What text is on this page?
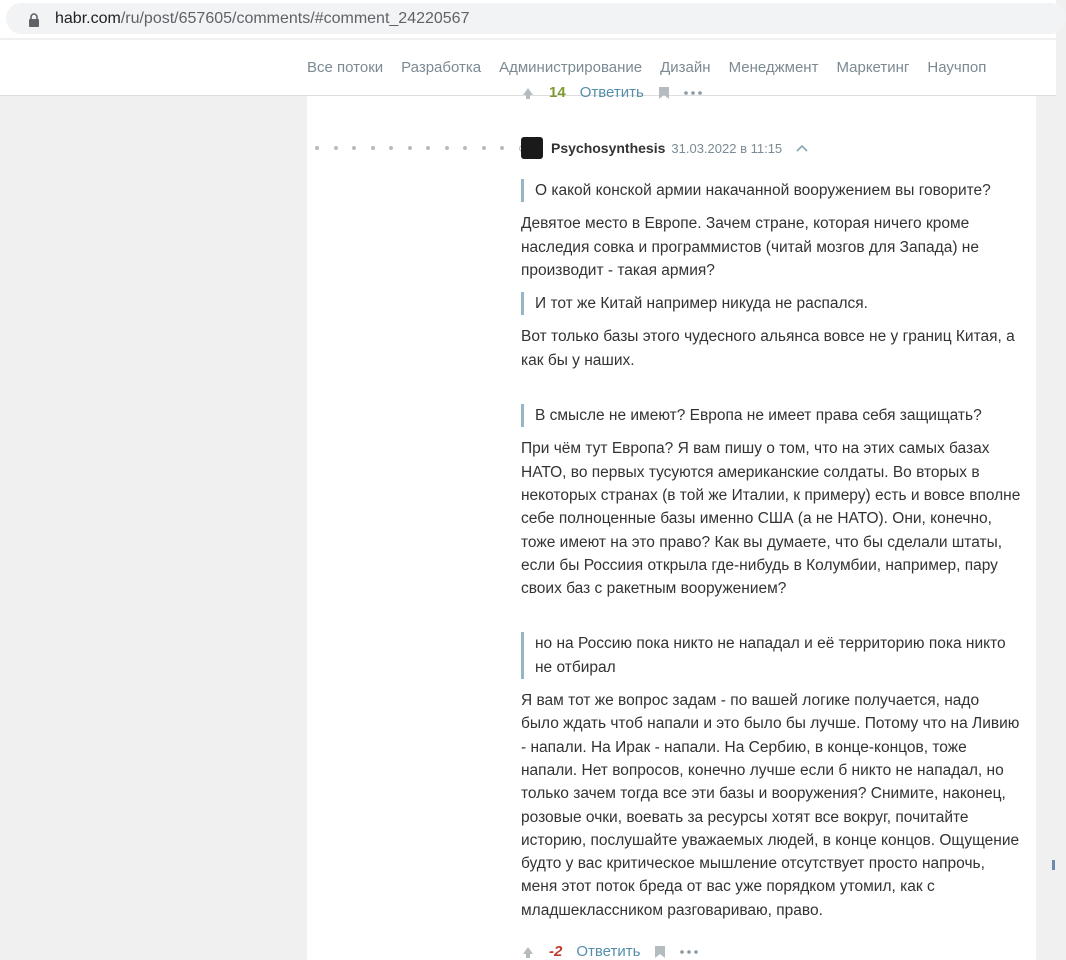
habr.com/ru/post/657605/comments/#comment_24220567
Все потоки Разработка Администрирование Дизайн Менеджмент Маркетинг Научпоп
14 Ответить
Psychosynthesis 31.03.2022 в 11:15
О какой конской армии накачанной вооружением вы говорите?
Девятое место в Европе. Зачем стране, которая ничего кроме наследия совка и программистов (читай мозгов для Запада) не производит - такая армия?
И тот же Китай например никуда не распался.
Вот только базы этого чудесного альянса вовсе не у границ Китая, а как бы у наших.
В смысле не имеют? Европа не имеет права себя защищать?
При чём тут Европа? Я вам пишу о том, что на этих самых базах НАТО, во первых тусуются американские солдаты. Во вторых в некоторых странах (в той же Италии, к примеру) есть и вовсе вполне себе полноценные базы именно США (а не НАТО). Они, конечно, тоже имеют на это право? Как вы думаете, что бы сделали штаты, если бы Россиия открыла где-нибудь в Колумбии, например, пару своих баз с ракетным вооружением?
но на Россию пока никто не нападал и её территорию пока никто не отбирал
Я вам тот же вопрос задам - по вашей логике получается, надо было ждать чтоб напали и это было бы лучше. Потому что на Ливию - напали. На Ирак - напали. На Сербию, в конце-концов, тоже напали. Нет вопросов, конечно лучше если б никто не нападал, но только зачем тогда все эти базы и вооружения? Снимите, наконец, розовые очки, воевать за ресурсы хотят все вокруг, почитайте историю, послушайте уважаемых людей, в конце концов. Ощущение будто у вас критическое мышление отсутствует просто напрочь, меня этот поток бреда от вас уже порядком утомил, как с младшеклассником разговариваю, право.
-2 Ответить
